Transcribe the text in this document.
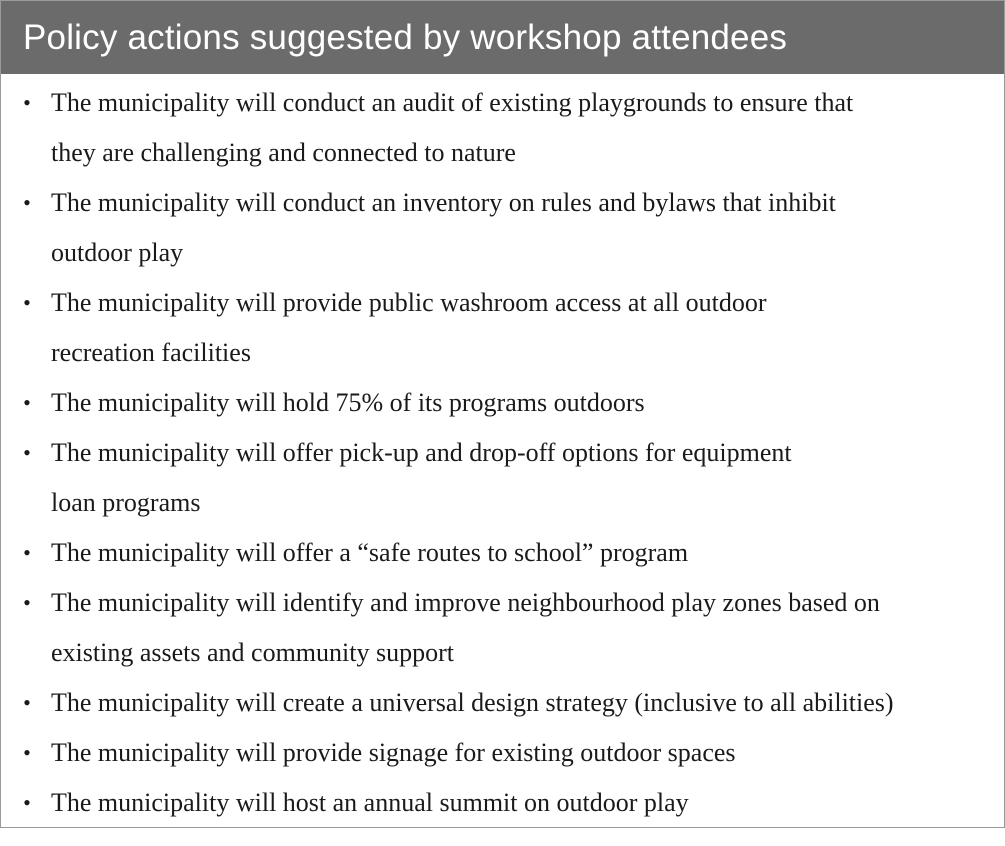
Policy actions suggested by workshop attendees
• The municipality will conduct an audit of existing playgrounds to ensure that
they are challenging and connected to nature
• The municipality will conduct an inventory on rules and bylaws that inhibit
outdoor play
• The municipality will provide public washroom access at all outdoor
recreation facilities
• The municipality will hold 75% of its programs outdoors
• The municipality will offer pick-up and drop-off options for equipment
loan programs
• The municipality will offer a “safe routes to school” program
• The municipality will identify and improve neighbourhood play zones based on
existing assets and community support
• The municipality will create a universal design strategy (inclusive to all abilities)
• The municipality will provide signage for existing outdoor spaces
• The municipality will host an annual summit on outdoor play
